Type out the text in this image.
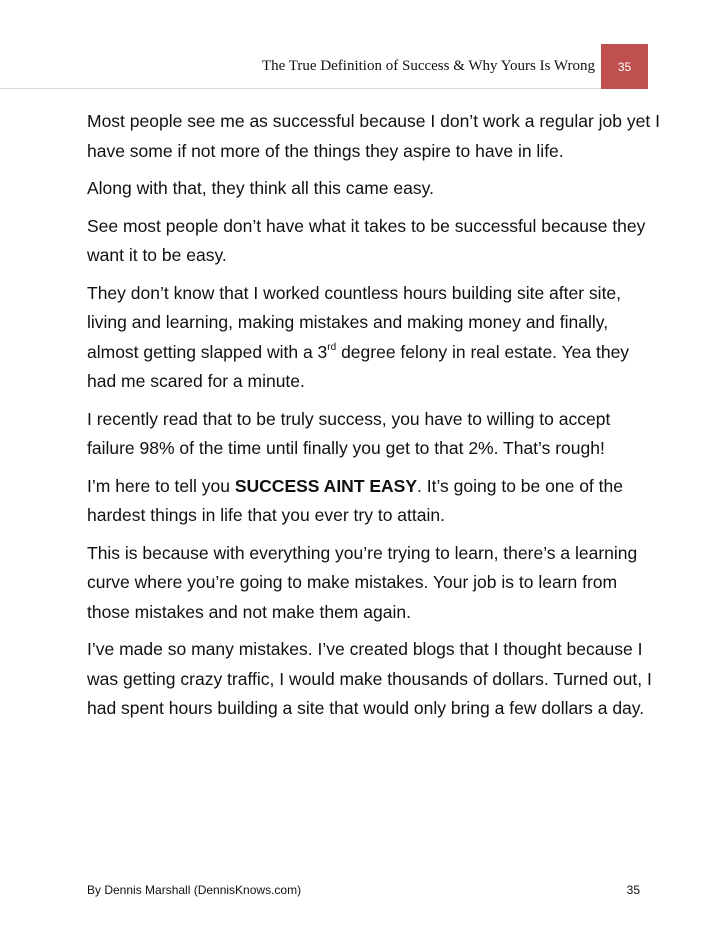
The True Definition of Success & Why Yours Is Wrong	35

Most people see me as successful because I don’t work a regular job yet I have some if not more of the things they aspire to have in life.

Along with that, they think all this came easy.

See most people don’t have what it takes to be successful because they want it to be easy.

They don’t know that I worked countless hours building site after site, living and learning, making mistakes and making money and finally, almost getting slapped with a 3rd degree felony in real estate. Yea they had me scared for a minute.

I recently read that to be truly success, you have to willing to accept failure 98% of the time until finally you get to that 2%. That’s rough!

I’m here to tell you SUCCESS AINT EASY. It’s going to be one of the hardest things in life that you ever try to attain.

This is because with everything you’re trying to learn, there’s a learning curve where you’re going to make mistakes. Your job is to learn from those mistakes and not make them again.

I’ve made so many mistakes. I’ve created blogs that I thought because I was getting crazy traffic, I would make thousands of dollars. Turned out, I had spent hours building a site that would only bring a few dollars a day.

By Dennis Marshall (DennisKnows.com)	35
